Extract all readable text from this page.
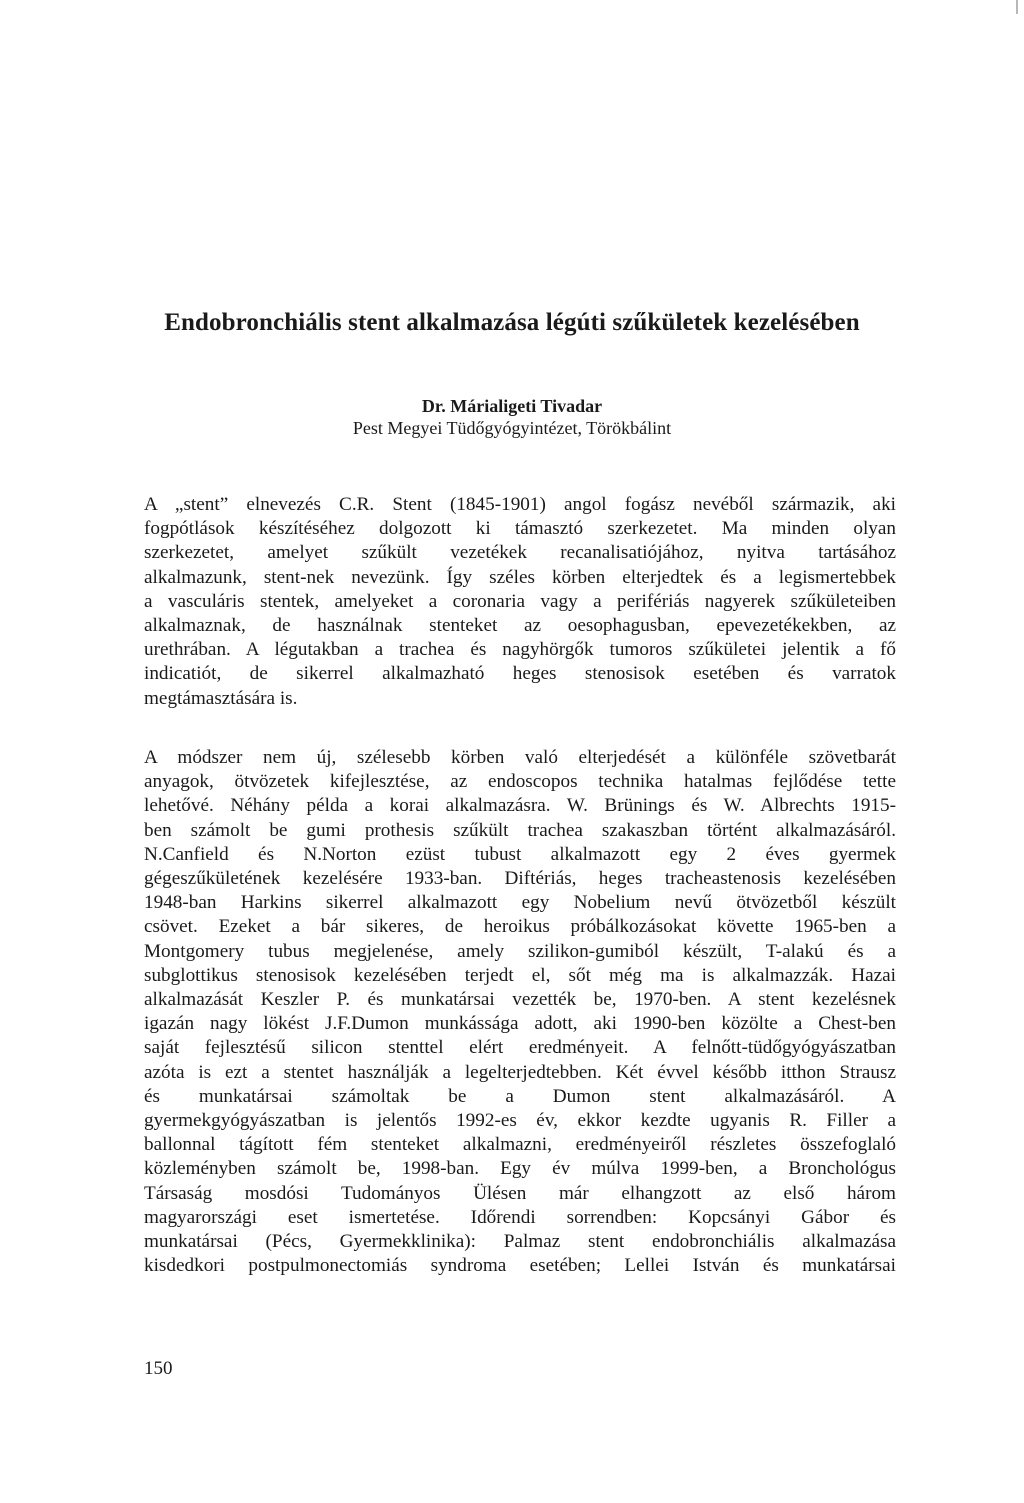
Endobronchiális stent alkalmazása légúti szűkületek kezelésében
Dr. Márialigeti Tivadar
Pest Megyei Tüdőgyógyintézet, Törökbálint
A „stent” elnevezés C.R. Stent (1845-1901) angol fogász nevéből származik, aki
fogpótlások készítéséhez dolgozott ki támasztó szerkezetet. Ma minden olyan
szerkezetet, amelyet szűkült vezetékek recanalisatiójához, nyitva tartásához
alkalmazunk, stent-nek nevezünk. Így széles körben elterjedtek és a legismertebbek
a vasculáris stentek, amelyeket a coronaria vagy a perifériás nagyerek szűkületeiben
alkalmaznak, de használnak stenteket az oesophagusban, epevezetékekben, az
urethrában. A légutakban a trachea és nagyhörgők tumoros szűkületei jelentik a fő
indicatiót, de sikerrel alkalmazható heges stenosisok esetében és varratok
megtámasztására is.
A módszer nem új, szélesebb körben való elterjedését a különféle szövetbarát
anyagok, ötvözetek kifejlesztése, az endoscopos technika hatalmas fejlődése tette
lehetővé. Néhány példa a korai alkalmazásra. W. Brünings és W. Albrechts 1915-
ben számolt be gumi prothesis szűkült trachea szakaszban történt alkalmazásáról.
N.Canfield és N.Norton ezüst tubust alkalmazott egy 2 éves gyermek
gégeszűkületének kezelésére 1933-ban. Diftériás, heges tracheastenosis kezelésében
1948-ban Harkins sikerrel alkalmazott egy Nobelium nevű ötvözetből készült
csövet. Ezeket a bár sikeres, de heroikus próbálkozásokat követte 1965-ben a
Montgomery tubus megjelenése, amely szilikon-gumiból készült, T-alakú és a
subglottikus stenosisok kezelésében terjedt el, sőt még ma is alkalmazzák. Hazai
alkalmazását Keszler P. és munkatársai vezették be, 1970-ben. A stent kezelésnek
igazán nagy lökést J.F.Dumon munkássága adott, aki 1990-ben közölte a Chest-ben
saját fejlesztésű silicon stenttel elért eredményeit. A felnőtt-tüdőgyógyászatban
azóta is ezt a stentet használják a legelterjedtebben. Két évvel később itthon Strausz
és munkatársai számoltak be a Dumon stent alkalmazásáról. A
gyermekgyógyászatban is jelentős 1992-es év, ekkor kezdte ugyanis R. Filler a
ballonnal tágított fém stenteket alkalmazni, eredményeiről részletes összefoglaló
közleményben számolt be, 1998-ban. Egy év múlva 1999-ben, a Bronchológus
Társaság mosdósi Tudományos Ülésen már elhangzott az első három
magyarországi eset ismertetése. Időrendi sorrendben: Kopcsányi Gábor és
munkatársai (Pécs, Gyermekklinika): Palmaz stent endobronchiális alkalmazása
kisdedkori postpulmonectomiás syndroma esetében; Lellei István és munkatársai
150
